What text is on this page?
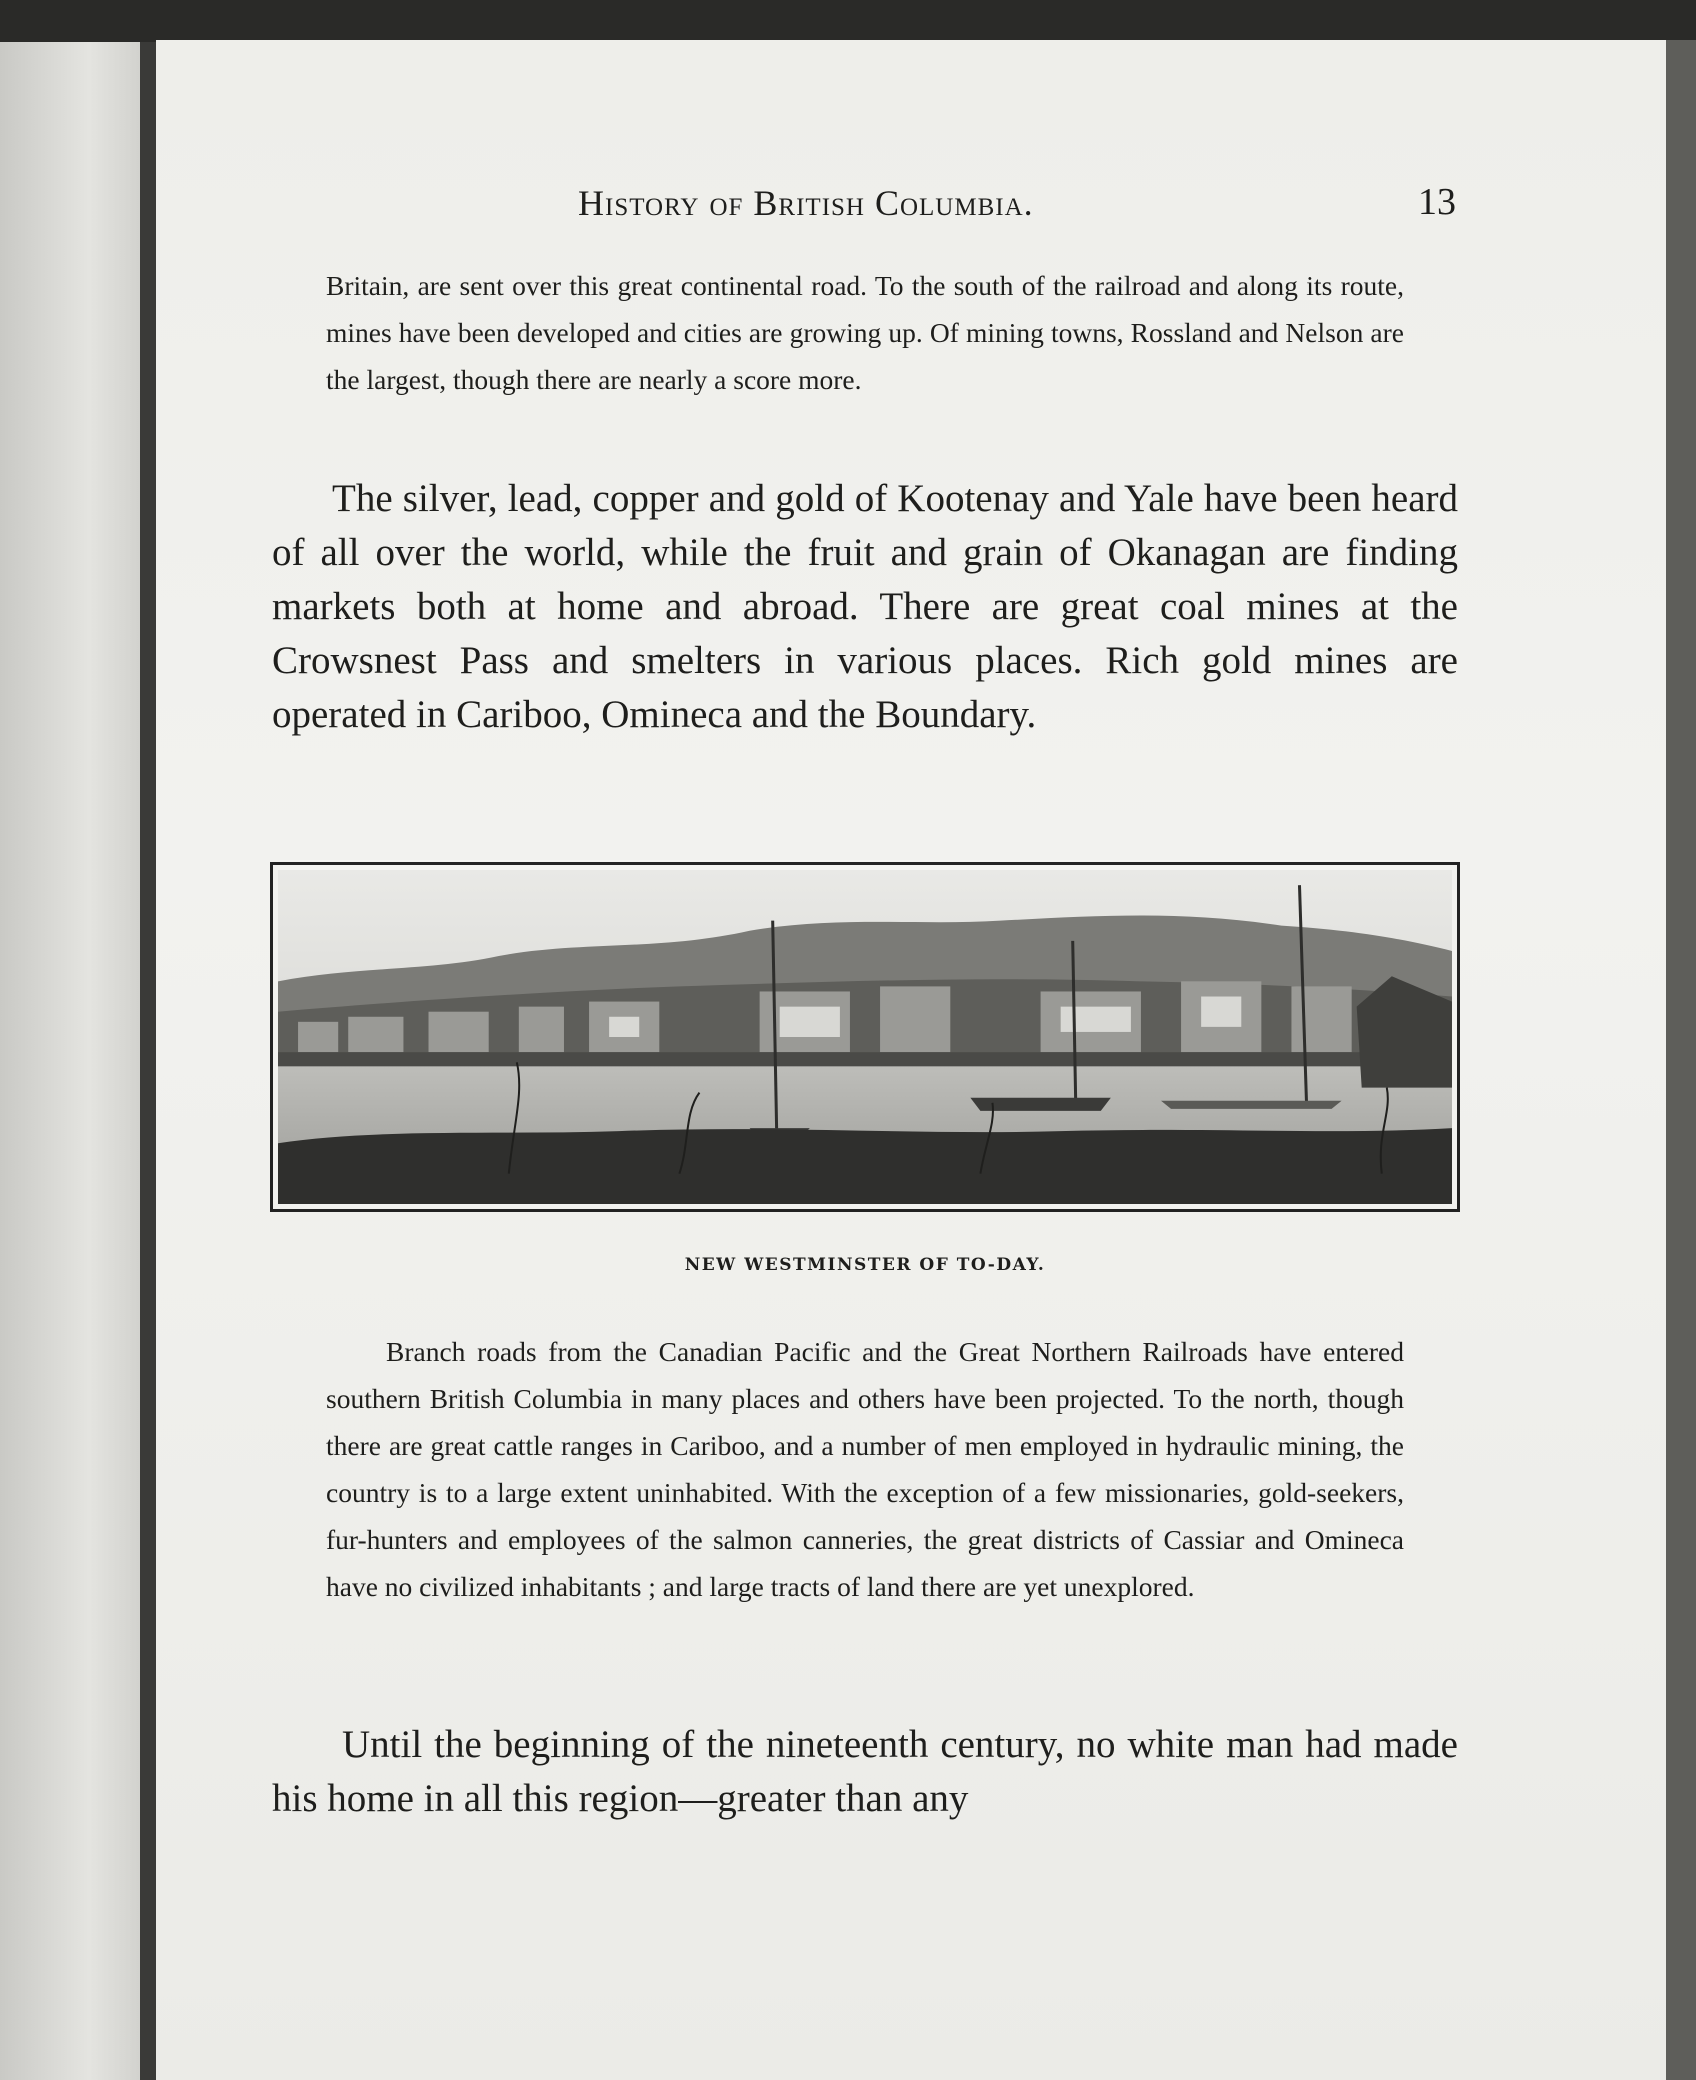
History of British Columbia.	13
Britain, are sent over this great continental road. To the south of the railroad and along its route, mines have been developed and cities are growing up. Of mining towns, Rossland and Nelson are the largest, though there are nearly a score more.
The silver, lead, copper and gold of Kootenay and Yale have been heard of all over the world, while the fruit and grain of Okanagan are finding markets both at home and abroad. There are great coal mines at the Crowsnest Pass and smelters in various places. Rich gold mines are operated in Cariboo, Omineca and the Boundary.
NEW WESTMINSTER OF TO-DAY.
Branch roads from the Canadian Pacific and the Great Northern Railroads have entered southern British Columbia in many places and others have been projected. To the north, though there are great cattle ranges in Cariboo, and a number of men employed in hydraulic mining, the country is to a large extent uninhabited. With the exception of a few missionaries, gold-seekers, fur-hunters and employees of the salmon canneries, the great districts of Cassiar and Omineca have no civilized inhabitants ; and large tracts of land there are yet unexplored.
Until the beginning of the nineteenth century, no white man had made his home in all this region—greater than any
